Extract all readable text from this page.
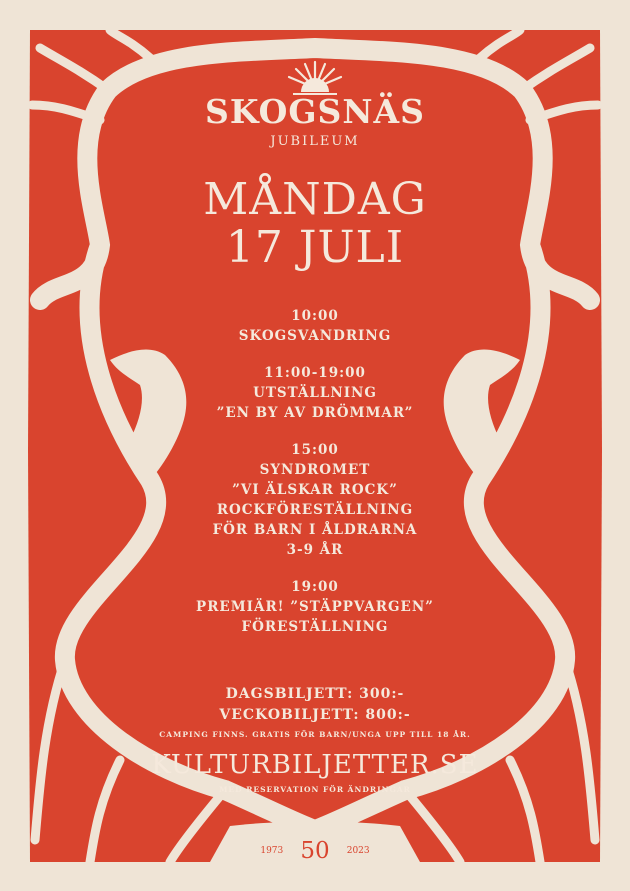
SKOGSNÄS
JUBILEUM
MÅNDAG
17 JULI
10:00
SKOGSVANDRING
11:00-19:00
UTSTÄLLNING
”EN BY AV DRÖMMAR”
15:00
SYNDROMET
”VI ÄLSKAR ROCK”
ROCKFÖRESTÄLLNING
FÖR BARN I ÅLDRARNA
3-9 ÅR
19:00
PREMIÄR! ”STÄPPVARGEN”
FÖRESTÄLLNING
DAGSBILJETT: 300:-
VECKOBILJETT: 800:-
CAMPING FINNS. GRATIS FÖR BARN/UNGA UPP TILL 18 ÅR.
KULTURBILJETTER.SE
MED RESERVATION FÖR ÄNDRINGAR
1973 50 2023
